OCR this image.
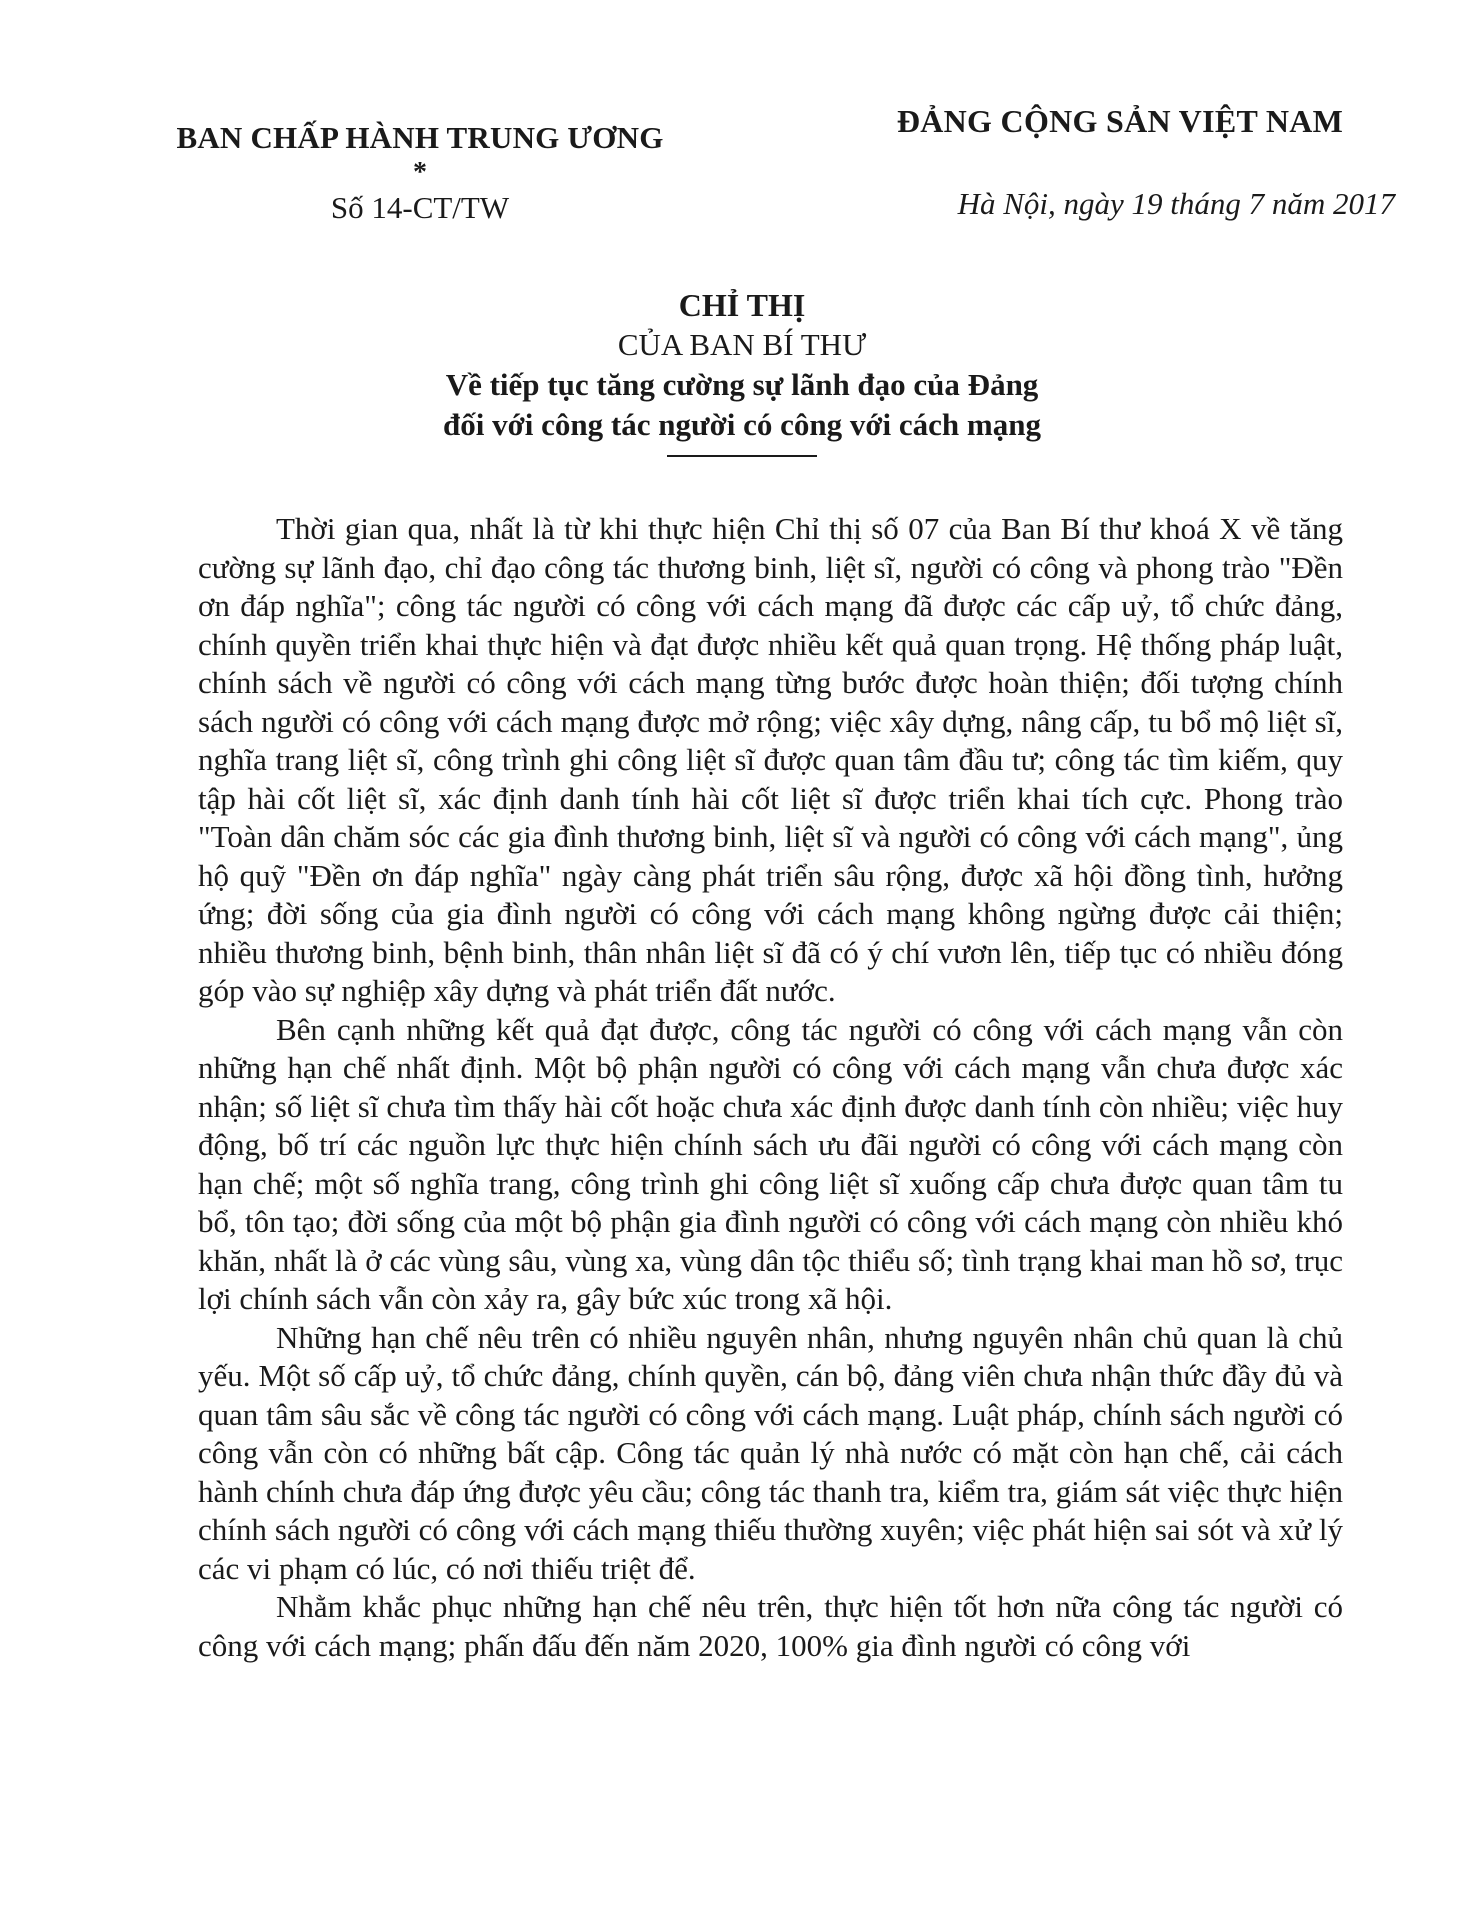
BAN CHẤP HÀNH TRUNG ƯƠNG
*
Số 14-CT/TW
ĐẢNG CỘNG SẢN VIỆT NAM
Hà Nội, ngày 19 tháng 7 năm 2017
CHỈ THỊ
CỦA BAN BÍ THƯ
Về tiếp tục tăng cường sự lãnh đạo của Đảng
đối với công tác người có công với cách mạng

Thời gian qua, nhất là từ khi thực hiện Chỉ thị số 07 của Ban Bí thư khoá X về tăng cường sự lãnh đạo, chỉ đạo công tác thương binh, liệt sĩ, người có công và phong trào "Đền ơn đáp nghĩa"; công tác người có công với cách mạng đã được các cấp uỷ, tổ chức đảng, chính quyền triển khai thực hiện và đạt được nhiều kết quả quan trọng. Hệ thống pháp luật, chính sách về người có công với cách mạng từng bước được hoàn thiện; đối tượng chính sách người có công với cách mạng được mở rộng; việc xây dựng, nâng cấp, tu bổ mộ liệt sĩ, nghĩa trang liệt sĩ, công trình ghi công liệt sĩ được quan tâm đầu tư; công tác tìm kiếm, quy tập hài cốt liệt sĩ, xác định danh tính hài cốt liệt sĩ được triển khai tích cực. Phong trào "Toàn dân chăm sóc các gia đình thương binh, liệt sĩ và người có công với cách mạng", ủng hộ quỹ "Đền ơn đáp nghĩa" ngày càng phát triển sâu rộng, được xã hội đồng tình, hưởng ứng; đời sống của gia đình người có công với cách mạng không ngừng được cải thiện; nhiều thương binh, bệnh binh, thân nhân liệt sĩ đã có ý chí vươn lên, tiếp tục có nhiều đóng góp vào sự nghiệp xây dựng và phát triển đất nước.

Bên cạnh những kết quả đạt được, công tác người có công với cách mạng vẫn còn những hạn chế nhất định. Một bộ phận người có công với cách mạng vẫn chưa được xác nhận; số liệt sĩ chưa tìm thấy hài cốt hoặc chưa xác định được danh tính còn nhiều; việc huy động, bố trí các nguồn lực thực hiện chính sách ưu đãi người có công với cách mạng còn hạn chế; một số nghĩa trang, công trình ghi công liệt sĩ xuống cấp chưa được quan tâm tu bổ, tôn tạo; đời sống của một bộ phận gia đình người có công với cách mạng còn nhiều khó khăn, nhất là ở các vùng sâu, vùng xa, vùng dân tộc thiểu số; tình trạng khai man hồ sơ, trục lợi chính sách vẫn còn xảy ra, gây bức xúc trong xã hội.

Những hạn chế nêu trên có nhiều nguyên nhân, nhưng nguyên nhân chủ quan là chủ yếu. Một số cấp uỷ, tổ chức đảng, chính quyền, cán bộ, đảng viên chưa nhận thức đầy đủ và quan tâm sâu sắc về công tác người có công với cách mạng. Luật pháp, chính sách người có công vẫn còn có những bất cập. Công tác quản lý nhà nước có mặt còn hạn chế, cải cách hành chính chưa đáp ứng được yêu cầu; công tác thanh tra, kiểm tra, giám sát việc thực hiện chính sách người có công với cách mạng thiếu thường xuyên; việc phát hiện sai sót và xử lý các vi phạm có lúc, có nơi thiếu triệt để.

Nhằm khắc phục những hạn chế nêu trên, thực hiện tốt hơn nữa công tác người có công với cách mạng; phấn đấu đến năm 2020, 100% gia đình người có công với
